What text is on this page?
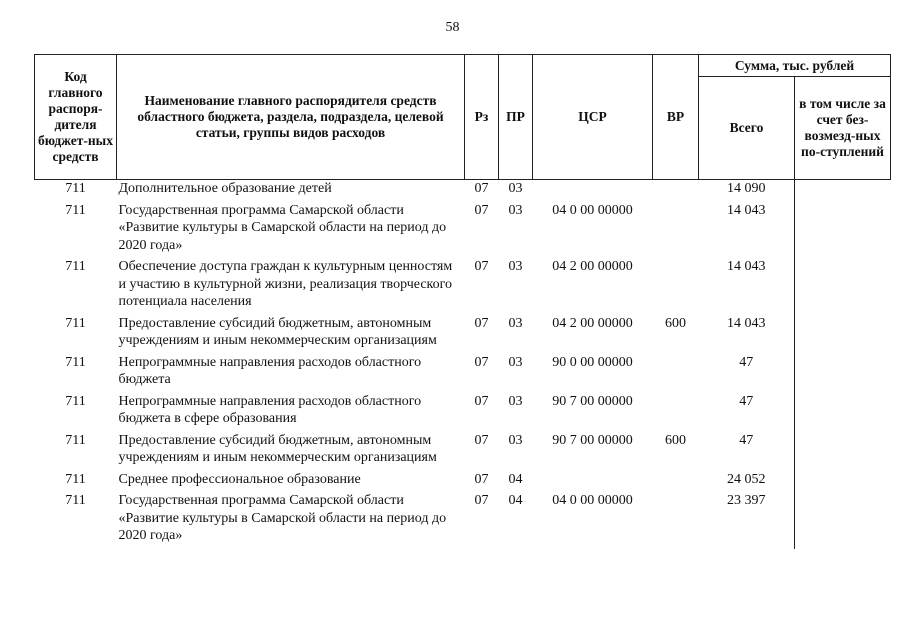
58
Код главного распоря-дителя бюджет-ных средств	Наименование главного распорядителя средств областного бюджета, раздела, подраздела, целевой статьи, группы видов расходов	Рз	ПР	ЦСР	ВР	Сумма, тыс. рублей	
						Всего	в том числе за счет без-возмезд-ных по-ступлений
711	Дополнительное образование детей	07	03			14 090	
711	Государственная программа Самарской области «Развитие культуры в Самарской области на период до 2020 года»	07	03	04 0 00 00000		14 043	
711	Обеспечение доступа граждан к культурным ценностям и участию в культурной жизни, реализация творческого потенциала населения	07	03	04 2 00 00000		14 043	
711	Предоставление субсидий бюджетным, автономным учреждениям и иным некоммерческим организациям	07	03	04 2 00 00000	600	14 043	
711	Непрограммные направления расходов областного бюджета	07	03	90 0 00 00000		47	
711	Непрограммные направления расходов областного бюджета в сфере образования	07	03	90 7 00 00000		47	
711	Предоставление субсидий бюджетным, автономным учреждениям и иным некоммерческим организациям	07	03	90 7 00 00000	600	47	
711	Среднее профессиональное образование	07	04			24 052	
711	Государственная программа Самарской области «Развитие культуры в Самарской области на период до 2020 года»	07	04	04 0 00 00000		23 397	
